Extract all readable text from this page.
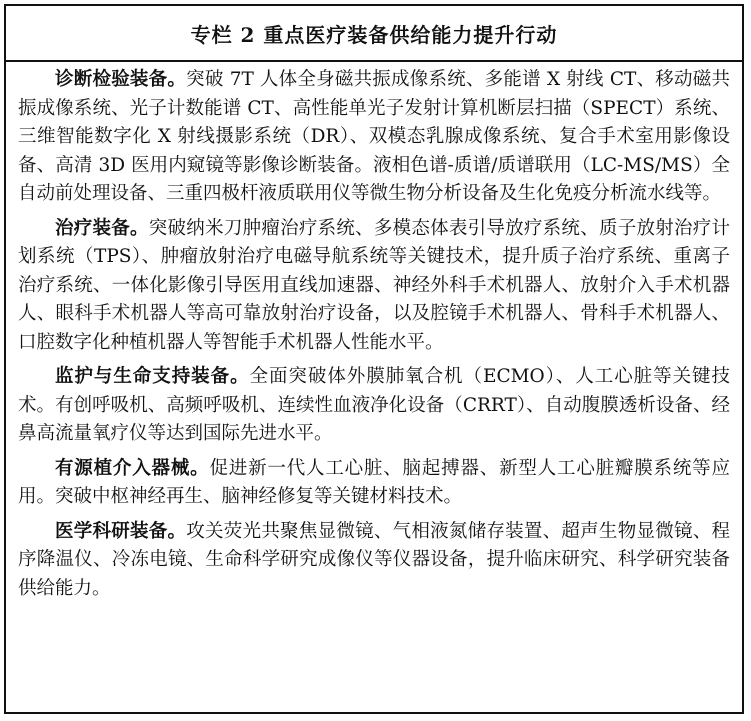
专栏 2 重点医疗装备供给能力提升行动

诊断检验装备。突破 7T 人体全身磁共振成像系统、多能谱 X 射线 CT、移动磁共振成像系统、光子计数能谱 CT、高性能单光子发射计算机断层扫描（SPECT）系统、三维智能数字化 X 射线摄影系统（DR）、双模态乳腺成像系统、复合手术室用影像设备、高清 3D 医用内窥镜等影像诊断装备。液相色谱-质谱/质谱联用（LC-MS/MS）全自动前处理设备、三重四极杆液质联用仪等微生物分析设备及生化免疫分析流水线等。

治疗装备。突破纳米刀肿瘤治疗系统、多模态体表引导放疗系统、质子放射治疗计划系统（TPS）、肿瘤放射治疗电磁导航系统等关键技术，提升质子治疗系统、重离子治疗系统、一体化影像引导医用直线加速器、神经外科手术机器人、放射介入手术机器人、眼科手术机器人等高可靠放射治疗设备，以及腔镜手术机器人、骨科手术机器人、口腔数字化种植机器人等智能手术机器人性能水平。

监护与生命支持装备。全面突破体外膜肺氧合机（ECMO）、人工心脏等关键技术。有创呼吸机、高频呼吸机、连续性血液净化设备（CRRT）、自动腹膜透析设备、经鼻高流量氧疗仪等达到国际先进水平。

有源植介入器械。促进新一代人工心脏、脑起搏器、新型人工心脏瓣膜系统等应用。突破中枢神经再生、脑神经修复等关键材料技术。

医学科研装备。攻关荧光共聚焦显微镜、气相液氮储存装置、超声生物显微镜、程序降温仪、冷冻电镜、生命科学研究成像仪等仪器设备，提升临床研究、科学研究装备供给能力。
